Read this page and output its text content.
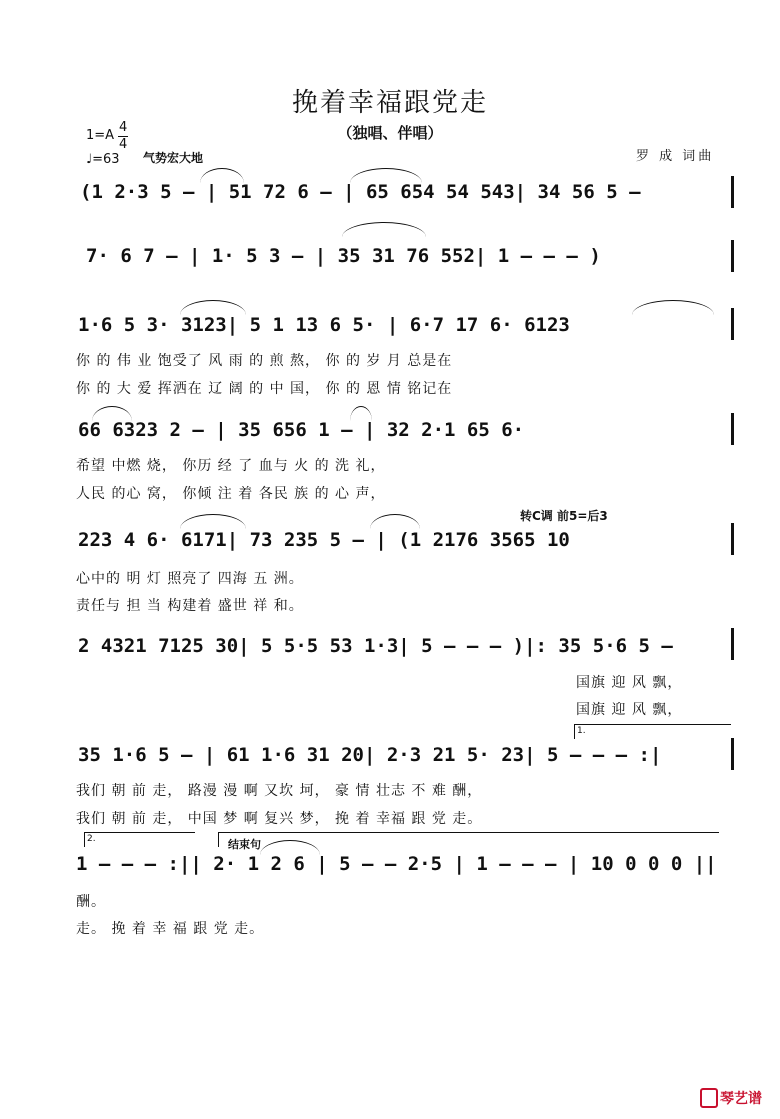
挽着幸福跟党走
（独唱、伴唱）
1=A
4
4
♩=63 气势宏大地	罗 成 词曲
(1 2·3 5 – | 51 72 6 – | 65 654 54 543| 34 56 5 –
7· 6 7 – | 1· 5 3 – | 35 31 76 552| 1 – – – )
1·6 5 3· 3123| 5 1 13 6 5· | 6·7 17 6· 6123
你 的 伟 业 饱受了 风 雨 的 煎 熬， 你 的 岁 月 总是在
你 的 大 爱 挥洒在 辽 阔 的 中 国， 你 的 恩 情 铭记在
66 6323 2 – | 35 656 1 – | 32 2·1 65 6·
希望 中燃 烧， 你历 经 了 血与 火 的 洗 礼，
人民 的心 窝， 你倾 注 着 各民 族 的 心 声，
转C调 前5=后3
223 4 6· 6171| 73 235 5 – | (1 2176 3565 10
心中的 明 灯 照亮了 四海 五 洲。
责任与 担 当 构建着 盛世 祥 和。
2 4321 7125 30| 5 5·5 53 1·3| 5 – – – )|: 35 5·6 5 –
国旗 迎 风 飘，
国旗 迎 风 飘，
1.
35 1·6 5 – | 61 1·6 31 20| 2·3 21 5· 23| 5 – – – :|
我们 朝 前 走， 路漫 漫 啊 又坎 坷， 豪 情 壮志 不 难 酬，
我们 朝 前 走， 中国 梦 啊 复兴 梦， 挽 着 幸福 跟 党 走。
2.	结束句
1 – – – :|| 2· 1 2 6 | 5 – – 2·5 | 1 – – – | 10 0 0 0 ||
酬。
走。 挽 着 幸 福 跟 党 走。
琴艺谱
